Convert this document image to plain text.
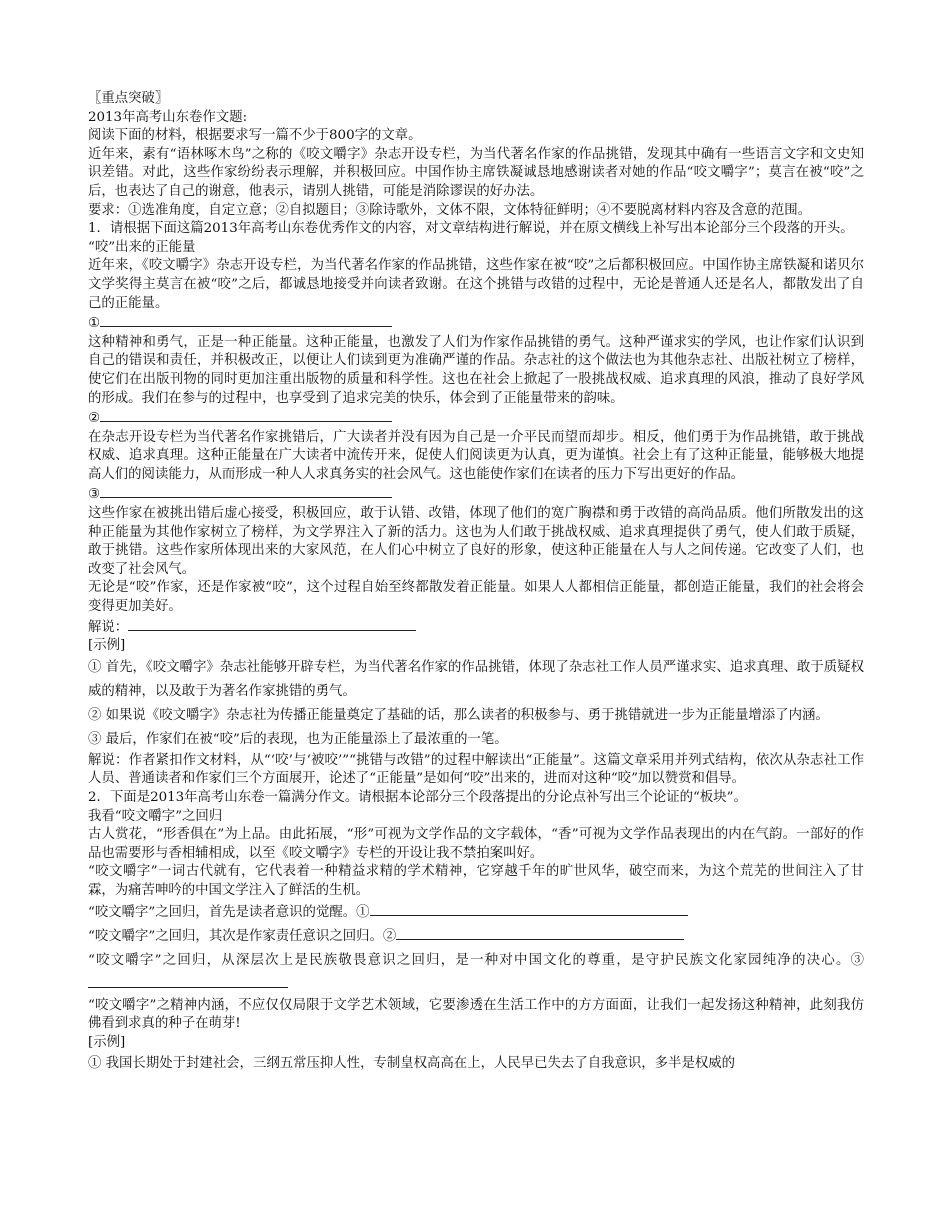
〖重点突破〗

2013年高考山东卷作文题:

阅读下面的材料，根据要求写一篇不少于800字的文章。

近年来，素有“语林啄木鸟”之称的《咬文嚼字》杂志开设专栏，为当代著名作家的作品挑错，发现其中确有一些语言文字和文史知识差错。对此，这些作家纷纷表示理解，并积极回应。中国作协主席铁凝诚恳地感谢读者对她的作品“咬文嚼字”；莫言在被“咬”之后，也表达了自己的谢意，他表示，请别人挑错，可能是消除谬误的好办法。

要求：①选准角度，自定立意；②自拟题目；③除诗歌外，文体不限，文体特征鲜明；④不要脱离材料内容及含意的范围。

1．请根据下面这篇2013年高考山东卷优秀作文的内容，对文章结构进行解说，并在原文横线上补写出本论部分三个段落的开头。

“咬”出来的正能量

近年来，《咬文嚼字》杂志开设专栏，为当代著名作家的作品挑错，这些作家在被“咬”之后都积极回应。中国作协主席铁凝和诺贝尔文学奖得主莫言在被“咬”之后，都诚恳地接受并向读者致谢。在这个挑错与改错的过程中，无论是普通人还是名人，都散发出了自己的正能量。

①

这种精神和勇气，正是一种正能量。这种正能量，也激发了人们为作家作品挑错的勇气。这种严谨求实的学风，也让作家们认识到自己的错误和责任，并积极改正，以便让人们读到更为准确严谨的作品。杂志社的这个做法也为其他杂志社、出版社树立了榜样，使它们在出版刊物的同时更加注重出版物的质量和科学性。这也在社会上掀起了一股挑战权威、追求真理的风浪，推动了良好学风的形成。我们在参与的过程中，也享受到了追求完美的快乐，体会到了正能量带来的韵味。

②

在杂志开设专栏为当代著名作家挑错后，广大读者并没有因为自己是一介平民而望而却步。相反，他们勇于为作品挑错，敢于挑战权威、追求真理。这种正能量在广大读者中流传开来，促使人们阅读更为认真，更为谨慎。社会上有了这种正能量，能够极大地提高人们的阅读能力，从而形成一种人人求真务实的社会风气。这也能使作家们在读者的压力下写出更好的作品。

③

这些作家在被挑出错后虚心接受，积极回应，敢于认错、改错，体现了他们的宽广胸襟和勇于改错的高尚品质。他们所散发出的这种正能量为其他作家树立了榜样，为文学界注入了新的活力。这也为人们敢于挑战权威、追求真理提供了勇气，使人们敢于质疑，敢于挑错。这些作家所体现出来的大家风范，在人们心中树立了良好的形象，使这种正能量在人与人之间传递。它改变了人们，也改变了社会风气。

无论是“咬”作家，还是作家被“咬”，这个过程自始至终都散发着正能量。如果人人都相信正能量，都创造正能量，我们的社会将会变得更加美好。

解说：

[示例]

① 首先，《咬文嚼字》杂志社能够开辟专栏，为当代著名作家的作品挑错，体现了杂志社工作人员严谨求实、追求真理、敢于质疑权威的精神，以及敢于为著名作家挑错的勇气。

② 如果说《咬文嚼字》杂志社为传播正能量奠定了基础的话，那么读者的积极参与、勇于挑错就进一步为正能量增添了内涵。

③ 最后，作家们在被“咬”后的表现，也为正能量添上了最浓重的一笔。

解说：作者紧扣作文材料，从“‘咬’与‘被咬’”“挑错与改错”的过程中解读出“正能量”。这篇文章采用并列式结构，依次从杂志社工作人员、普通读者和作家们三个方面展开，论述了“正能量”是如何“咬”出来的，进而对这种“咬”加以赞赏和倡导。

2．下面是2013年高考山东卷一篇满分作文。请根据本论部分三个段落提出的分论点补写出三个论证的“板块”。

我看“咬文嚼字”之回归

古人赏花，“形香俱在”为上品。由此拓展，“形”可视为文学作品的文字载体，“香”可视为文学作品表现出的内在气韵。一部好的作品也需要形与香相辅相成，以至《咬文嚼字》专栏的开设让我不禁拍案叫好。

“咬文嚼字”一词古代就有，它代表着一种精益求精的学术精神，它穿越千年的旷世风华，破空而来，为这个荒芜的世间注入了甘霖，为痛苦呻吟的中国文学注入了鲜活的生机。

“咬文嚼字”之回归，首先是读者意识的觉醒。①

“咬文嚼字”之回归，其次是作家责任意识之回归。②

“咬文嚼字”之回归，从深层次上是民族敬畏意识之回归，是一种对中国文化的尊重，是守护民族文化家园纯净的决心。③

“咬文嚼字”之精神内涵，不应仅仅局限于文学艺术领域，它要渗透在生活工作中的方方面面，让我们一起发扬这种精神，此刻我仿佛看到求真的种子在萌芽!

[示例]

① 我国长期处于封建社会，三纲五常压抑人性，专制皇权高高在上，人民早已失去了自我意识，多半是权威的
